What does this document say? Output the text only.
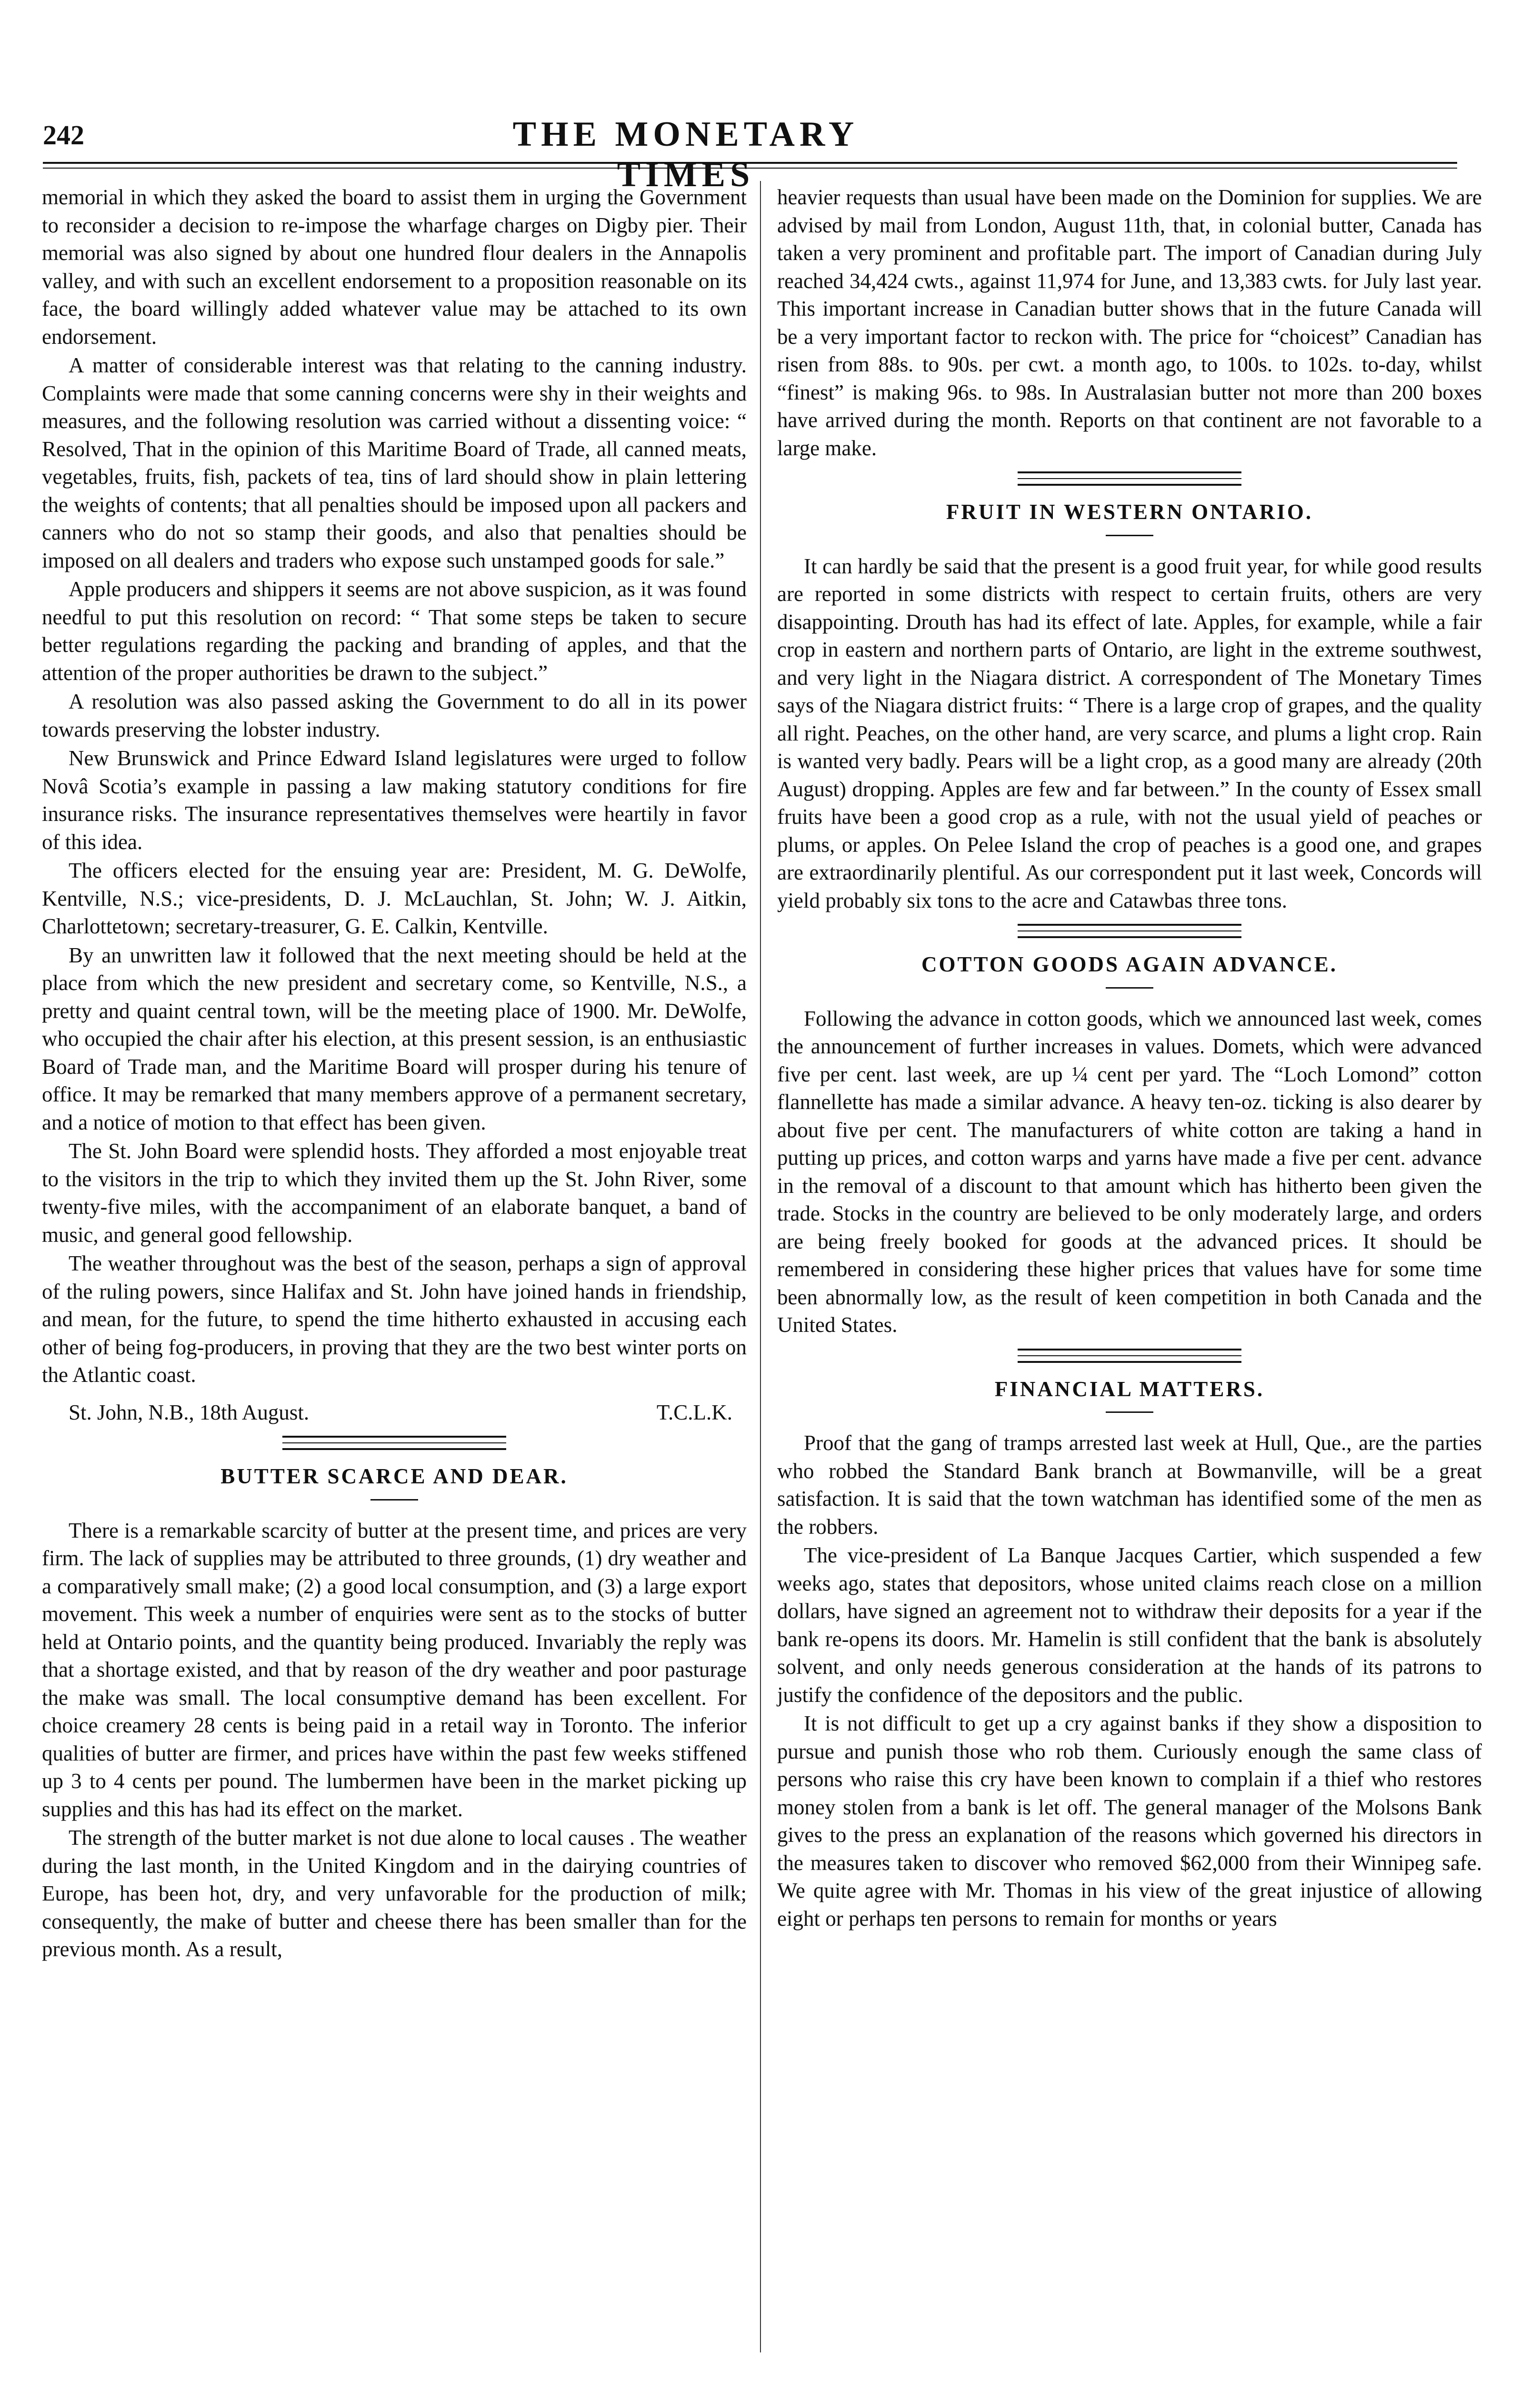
242	THE MONETARY TIMES

memorial in which they asked the board to assist them in urging the Government to reconsider a decision to re-impose the wharfage charges on Digby pier. Their memorial was also signed by about one hundred flour dealers in the Annapolis valley, and with such an excellent endorsement to a proposition reasonable on its face, the board willingly added whatever value may be attached to its own endorsement.

A matter of considerable interest was that relating to the canning industry. Complaints were made that some canning concerns were shy in their weights and measures, and the following resolution was carried without a dissenting voice: “ Resolved, That in the opinion of this Maritime Board of Trade, all canned meats, vegetables, fruits, fish, packets of tea, tins of lard should show in plain lettering the weights of contents; that all penalties should be imposed upon all packers and canners who do not so stamp their goods, and also that penalties should be imposed on all dealers and traders who expose such unstamped goods for sale.”

Apple producers and shippers it seems are not above suspicion, as it was found needful to put this resolution on record: “ That some steps be taken to secure better regulations regarding the packing and branding of apples, and that the attention of the proper authorities be drawn to the subject.”

A resolution was also passed asking the Government to do all in its power towards preserving the lobster industry.

New Brunswick and Prince Edward Island legislatures were urged to follow Novâ Scotia’s example in passing a law making statutory conditions for fire insurance risks. The insurance representatives themselves were heartily in favor of this idea.

The officers elected for the ensuing year are: President, M. G. DeWolfe, Kentville, N.S.; vice-presidents, D. J. McLauchlan, St. John; W. J. Aitkin, Charlottetown; secretary-treasurer, G. E. Calkin, Kentville.

By an unwritten law it followed that the next meeting should be held at the place from which the new president and secretary come, so Kentville, N.S., a pretty and quaint central town, will be the meeting place of 1900. Mr. DeWolfe, who occupied the chair after his election, at this present session, is an enthusiastic Board of Trade man, and the Maritime Board will prosper during his tenure of office. It may be remarked that many members approve of a permanent secretary, and a notice of motion to that effect has been given.

The St. John Board were splendid hosts. They afforded a most enjoyable treat to the visitors in the trip to which they invited them up the St. John River, some twenty-five miles, with the accompaniment of an elaborate banquet, a band of music, and general good fellowship.

The weather throughout was the best of the season, perhaps a sign of approval of the ruling powers, since Halifax and St. John have joined hands in friendship, and mean, for the future, to spend the time hitherto exhausted in accusing each other of being fog-producers, in proving that they are the two best winter ports on the Atlantic coast.

St. John, N.B., 18th August.	T.C.L.K.

BUTTER SCARCE AND DEAR.

There is a remarkable scarcity of butter at the present time, and prices are very firm. The lack of supplies may be attributed to three grounds, (1) dry weather and a comparatively small make; (2) a good local consumption, and (3) a large export movement. This week a number of enquiries were sent as to the stocks of butter held at Ontario points, and the quantity being produced. Invariably the reply was that a shortage existed, and that by reason of the dry weather and poor pasturage the make was small. The local consumptive demand has been excellent. For choice creamery 28 cents is being paid in a retail way in Toronto. The inferior qualities of butter are firmer, and prices have within the past few weeks stiffened up 3 to 4 cents per pound. The lumbermen have been in the market picking up supplies and this has had its effect on the market.

The strength of the butter market is not due alone to local causes . The weather during the last month, in the United Kingdom and in the dairying countries of Europe, has been hot, dry, and very unfavorable for the production of milk; consequently, the make of butter and cheese there has been smaller than for the previous month. As a result,

heavier requests than usual have been made on the Dominion for supplies. We are advised by mail from London, August 11th, that, in colonial butter, Canada has taken a very prominent and profitable part. The import of Canadian during July reached 34,424 cwts., against 11,974 for June, and 13,383 cwts. for July last year. This important increase in Canadian butter shows that in the future Canada will be a very important factor to reckon with. The price for “choicest” Canadian has risen from 88s. to 90s. per cwt. a month ago, to 100s. to 102s. to-day, whilst “finest” is making 96s. to 98s. In Australasian butter not more than 200 boxes have arrived during the month. Reports on that continent are not favorable to a large make.

FRUIT IN WESTERN ONTARIO.

It can hardly be said that the present is a good fruit year, for while good results are reported in some districts with respect to certain fruits, others are very disappointing. Drouth has had its effect of late. Apples, for example, while a fair crop in eastern and northern parts of Ontario, are light in the extreme southwest, and very light in the Niagara district. A correspondent of The Monetary Times says of the Niagara district fruits: “ There is a large crop of grapes, and the quality all right. Peaches, on the other hand, are very scarce, and plums a light crop. Rain is wanted very badly. Pears will be a light crop, as a good many are already (20th August) dropping. Apples are few and far between.” In the county of Essex small fruits have been a good crop as a rule, with not the usual yield of peaches or plums, or apples. On Pelee Island the crop of peaches is a good one, and grapes are extraordinarily plentiful. As our correspondent put it last week, Concords will yield probably six tons to the acre and Catawbas three tons.

COTTON GOODS AGAIN ADVANCE.

Following the advance in cotton goods, which we announced last week, comes the announcement of further increases in values. Domets, which were advanced five per cent. last week, are up ¼ cent per yard. The “Loch Lomond” cotton flannellette has made a similar advance. A heavy ten-oz. ticking is also dearer by about five per cent. The manufacturers of white cotton are taking a hand in putting up prices, and cotton warps and yarns have made a five per cent. advance in the removal of a discount to that amount which has hitherto been given the trade. Stocks in the country are believed to be only moderately large, and orders are being freely booked for goods at the advanced prices. It should be remembered in considering these higher prices that values have for some time been abnormally low, as the result of keen competition in both Canada and the United States.

FINANCIAL MATTERS.

Proof that the gang of tramps arrested last week at Hull, Que., are the parties who robbed the Standard Bank branch at Bowmanville, will be a great satisfaction. It is said that the town watchman has identified some of the men as the robbers.

The vice-president of La Banque Jacques Cartier, which suspended a few weeks ago, states that depositors, whose united claims reach close on a million dollars, have signed an agreement not to withdraw their deposits for a year if the bank re-opens its doors. Mr. Hamelin is still confident that the bank is absolutely solvent, and only needs generous consideration at the hands of its patrons to justify the confidence of the depositors and the public.

It is not difficult to get up a cry against banks if they show a disposition to pursue and punish those who rob them. Curiously enough the same class of persons who raise this cry have been known to complain if a thief who restores money stolen from a bank is let off. The general manager of the Molsons Bank gives to the press an explanation of the reasons which governed his directors in the measures taken to discover who removed $62,000 from their Winnipeg safe. We quite agree with Mr. Thomas in his view of the great injustice of allowing eight or perhaps ten persons to remain for months or years
